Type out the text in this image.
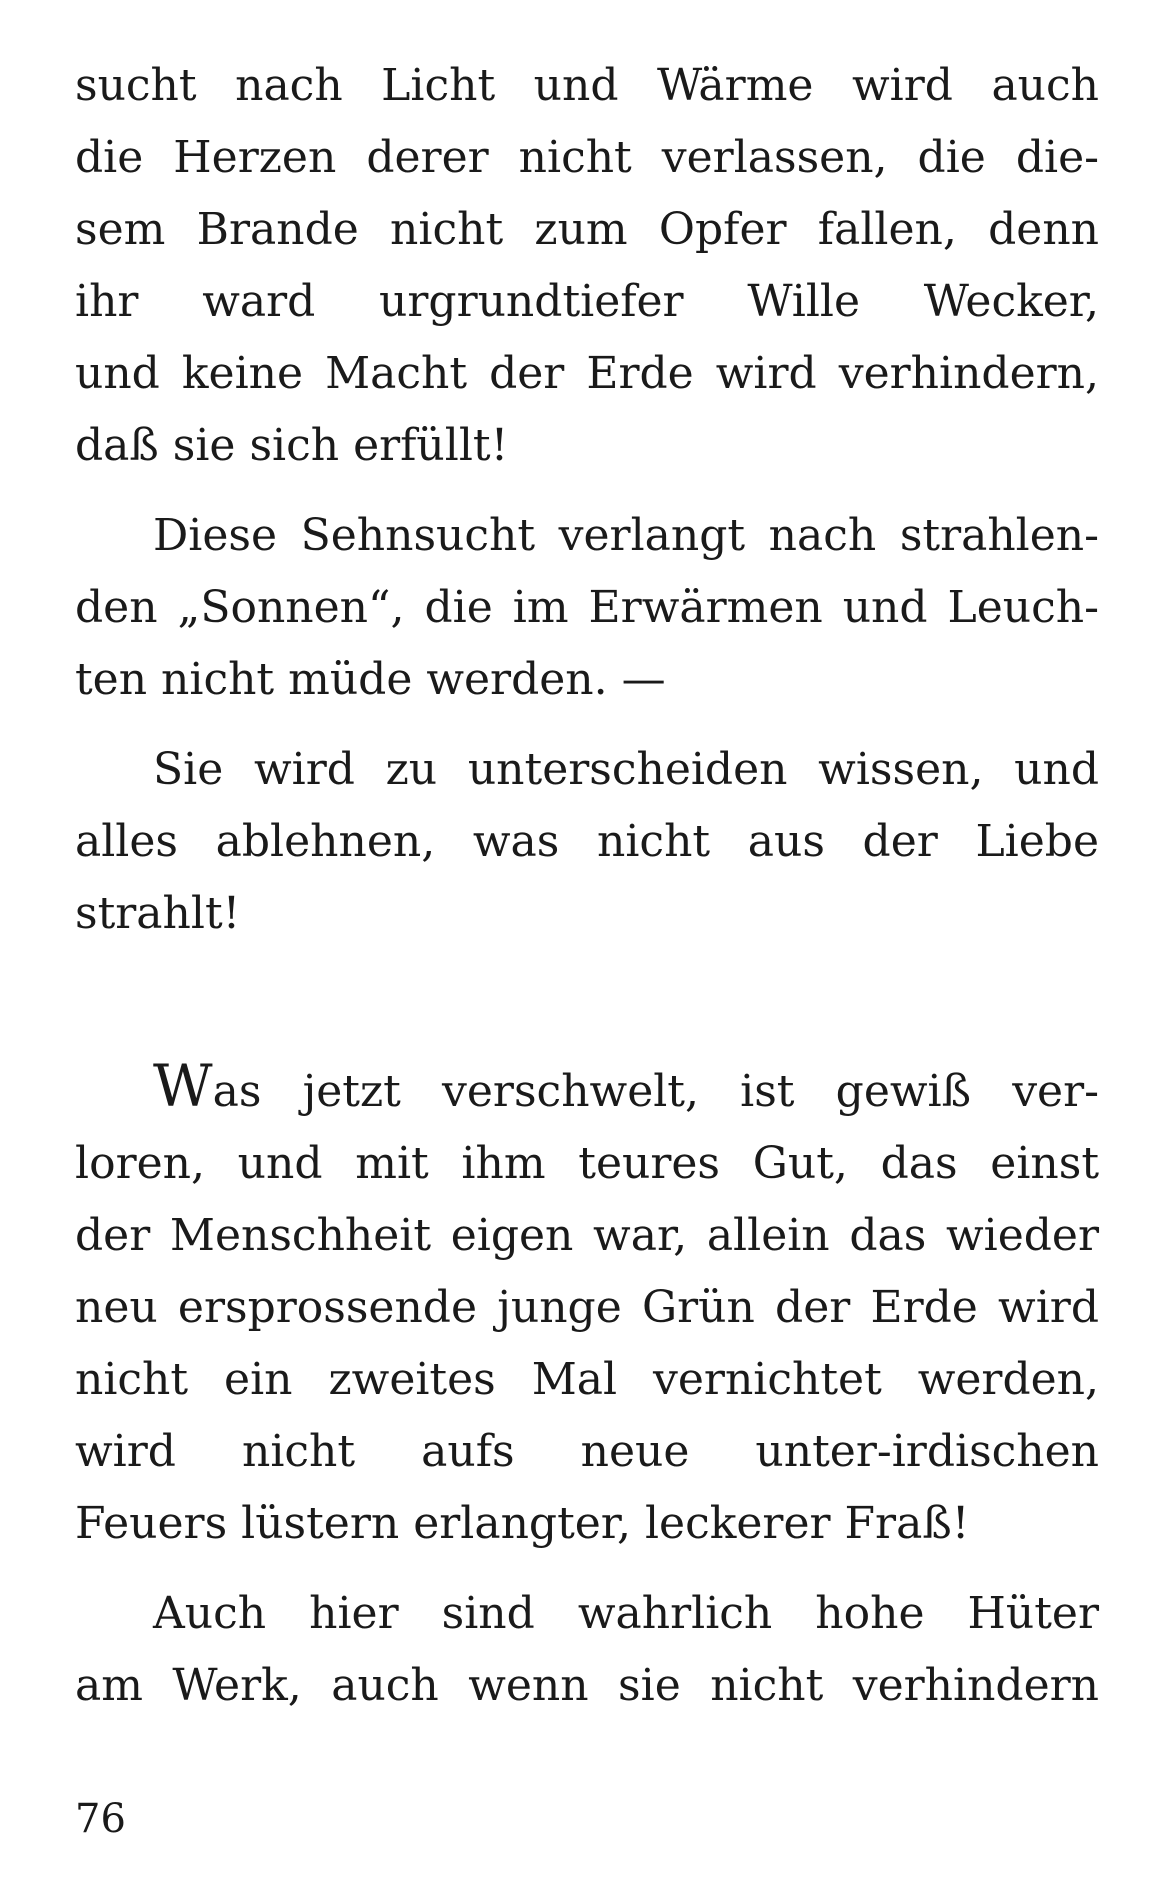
sucht nach Licht und Wärme wird auch
die Herzen derer nicht verlassen, die die-
sem Brande nicht zum Opfer fallen, denn
ihr ward urgrundtiefer Wille Wecker,
und keine Macht der Erde wird verhindern,
daß sie sich erfüllt!

Diese Sehnsucht verlangt nach strahlen-
den „Sonnen“, die im Erwärmen und Leuch-
ten nicht müde werden. —

Sie wird zu unterscheiden wissen, und
alles ablehnen, was nicht aus der Liebe
strahlt!

Was jetzt verschwelt, ist gewiß ver-
loren, und mit ihm teures Gut, das einst
der Menschheit eigen war, allein das wieder
neu ersprossende junge Grün der Erde wird
nicht ein zweites Mal vernichtet werden,
wird nicht aufs neue unter-irdischen
Feuers lüstern erlangter, leckerer Fraß!

Auch hier sind wahrlich hohe Hüter
am Werk, auch wenn sie nicht verhindern

76
